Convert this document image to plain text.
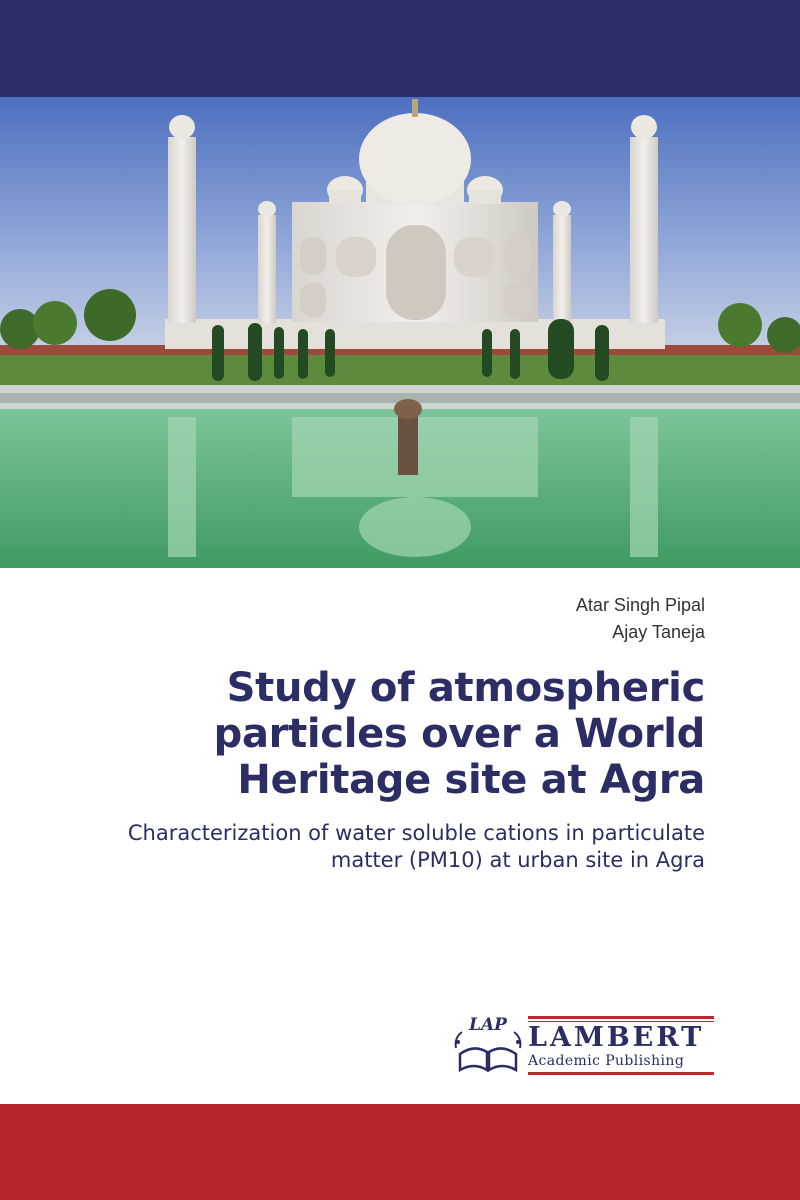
Atar Singh Pipal
Ajay Taneja
Study of atmospheric particles over a World Heritage site at Agra
Characterization of water soluble cations in particulate matter (PM10) at urban site in Agra
LAP LAMBERT
Academic Publishing
